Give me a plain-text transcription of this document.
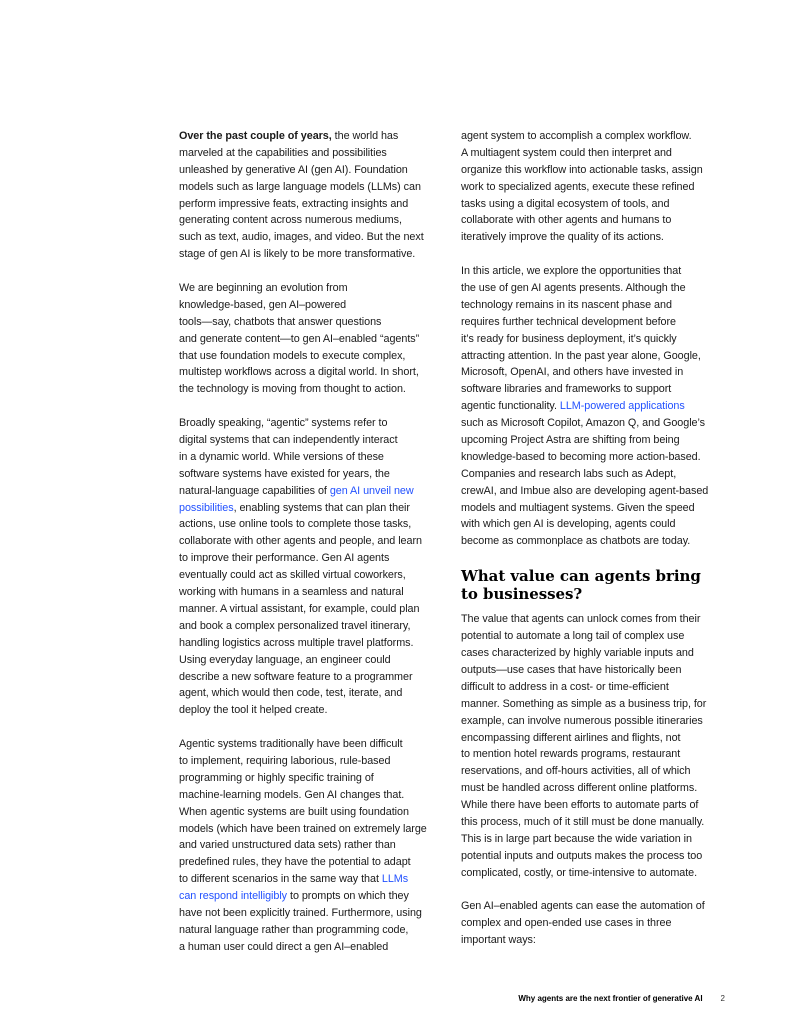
Over the past couple of years, the world has
marveled at the capabilities and possibilities
unleashed by generative AI (gen AI). Foundation
models such as large language models (LLMs) can
perform impressive feats, extracting insights and
generating content across numerous mediums,
such as text, audio, images, and video. But the next
stage of gen AI is likely to be more transformative.
We are beginning an evolution from
knowledge-based, gen AI–powered
tools—say, chatbots that answer questions
and generate content—to gen AI–enabled “agents”
that use foundation models to execute complex,
multistep workflows across a digital world. In short,
the technology is moving from thought to action.
Broadly speaking, “agentic” systems refer to
digital systems that can independently interact
in a dynamic world. While versions of these
software systems have existed for years, the
natural-language capabilities of gen AI unveil new
possibilities, enabling systems that can plan their
actions, use online tools to complete those tasks,
collaborate with other agents and people, and learn
to improve their performance. Gen AI agents
eventually could act as skilled virtual coworkers,
working with humans in a seamless and natural
manner. A virtual assistant, for example, could plan
and book a complex personalized travel itinerary,
handling logistics across multiple travel platforms.
Using everyday language, an engineer could
describe a new software feature to a programmer
agent, which would then code, test, iterate, and
deploy the tool it helped create.
Agentic systems traditionally have been difficult
to implement, requiring laborious, rule-based
programming or highly specific training of
machine-learning models. Gen AI changes that.
When agentic systems are built using foundation
models (which have been trained on extremely large
and varied unstructured data sets) rather than
predefined rules, they have the potential to adapt
to different scenarios in the same way that LLMs
can respond intelligibly to prompts on which they
have not been explicitly trained. Furthermore, using
natural language rather than programming code,
a human user could direct a gen AI–enabled
agent system to accomplish a complex workflow.
A multiagent system could then interpret and
organize this workflow into actionable tasks, assign
work to specialized agents, execute these refined
tasks using a digital ecosystem of tools, and
collaborate with other agents and humans to
iteratively improve the quality of its actions.
In this article, we explore the opportunities that
the use of gen AI agents presents. Although the
technology remains in its nascent phase and
requires further technical development before
it’s ready for business deployment, it’s quickly
attracting attention. In the past year alone, Google,
Microsoft, OpenAI, and others have invested in
software libraries and frameworks to support
agentic functionality. LLM-powered applications
such as Microsoft Copilot, Amazon Q, and Google’s
upcoming Project Astra are shifting from being
knowledge-based to becoming more action-based.
Companies and research labs such as Adept,
crewAI, and Imbue also are developing agent-based
models and multiagent systems. Given the speed
with which gen AI is developing, agents could
become as commonplace as chatbots are today.
What value can agents bring
to businesses?
The value that agents can unlock comes from their
potential to automate a long tail of complex use
cases characterized by highly variable inputs and
outputs—use cases that have historically been
difficult to address in a cost- or time-efficient
manner. Something as simple as a business trip, for
example, can involve numerous possible itineraries
encompassing different airlines and flights, not
to mention hotel rewards programs, restaurant
reservations, and off-hours activities, all of which
must be handled across different online platforms.
While there have been efforts to automate parts of
this process, much of it still must be done manually.
This is in large part because the wide variation in
potential inputs and outputs makes the process too
complicated, costly, or time-intensive to automate.
Gen AI–enabled agents can ease the automation of
complex and open-ended use cases in three
important ways:
Why agents are the next frontier of generative AI 2
